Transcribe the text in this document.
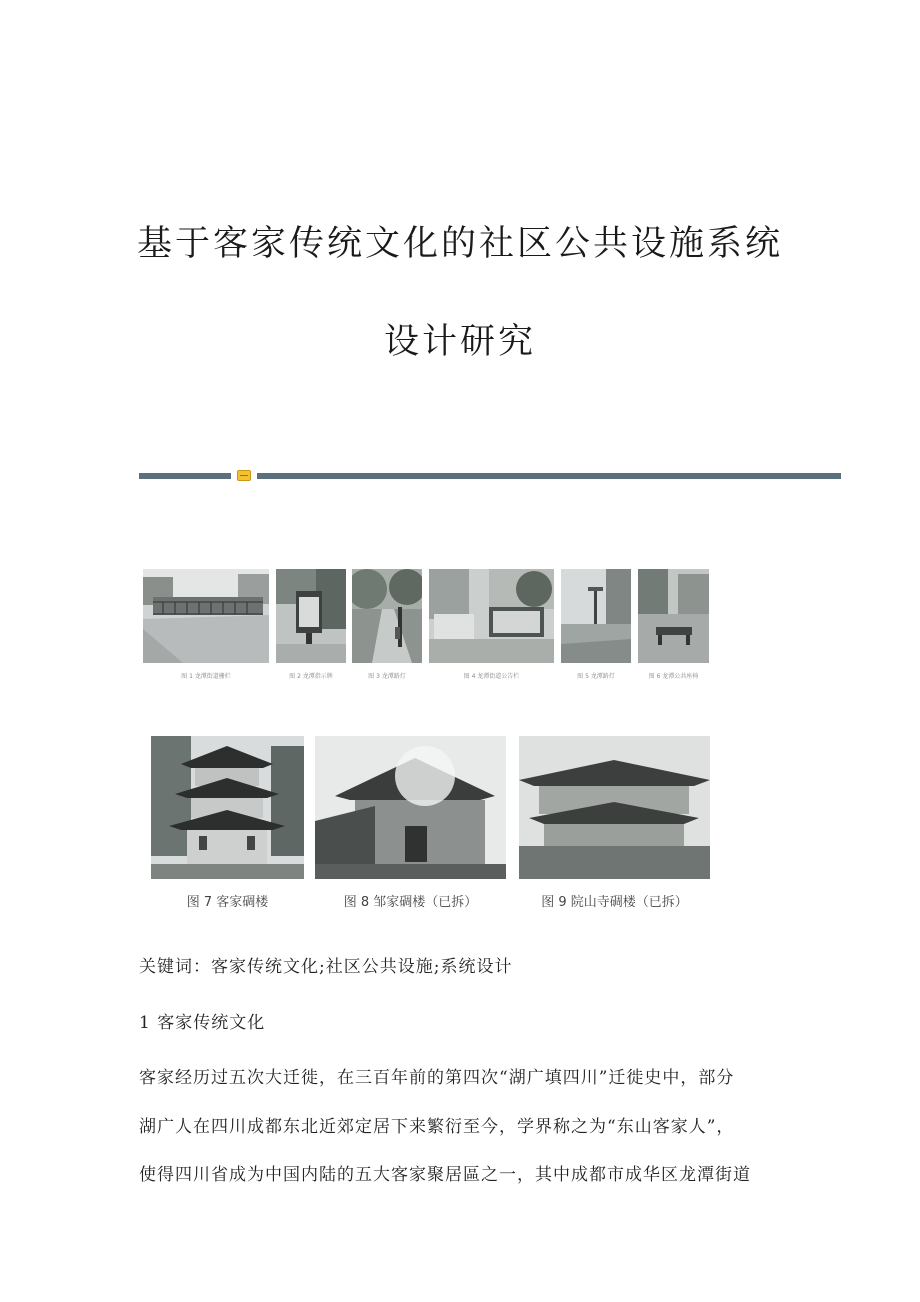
基于客家传统文化的社区公共设施系统
设计研究
图 1 龙潭街道栅栏	图 2 龙潭指示牌	图 3 龙潭路灯	图 4 龙潭街道公告栏	图 5 龙潭路灯	图 6 龙潭公共座椅
图 7 客家碉楼	图 8 邹家碉楼（已拆）	图 9 院山寺碉楼（已拆）
关键词：客家传统文化;社区公共设施;系统设计
1 客家传统文化
客家经历过五次大迁徙，在三百年前的第四次“湖广填四川”迁徙史中，部分
湖广人在四川成都东北近郊定居下来繁衍至今，学界称之为“东山客家人”，
使得四川省成为中国内陆的五大客家聚居區之一，其中成都市成华区龙潭街道
